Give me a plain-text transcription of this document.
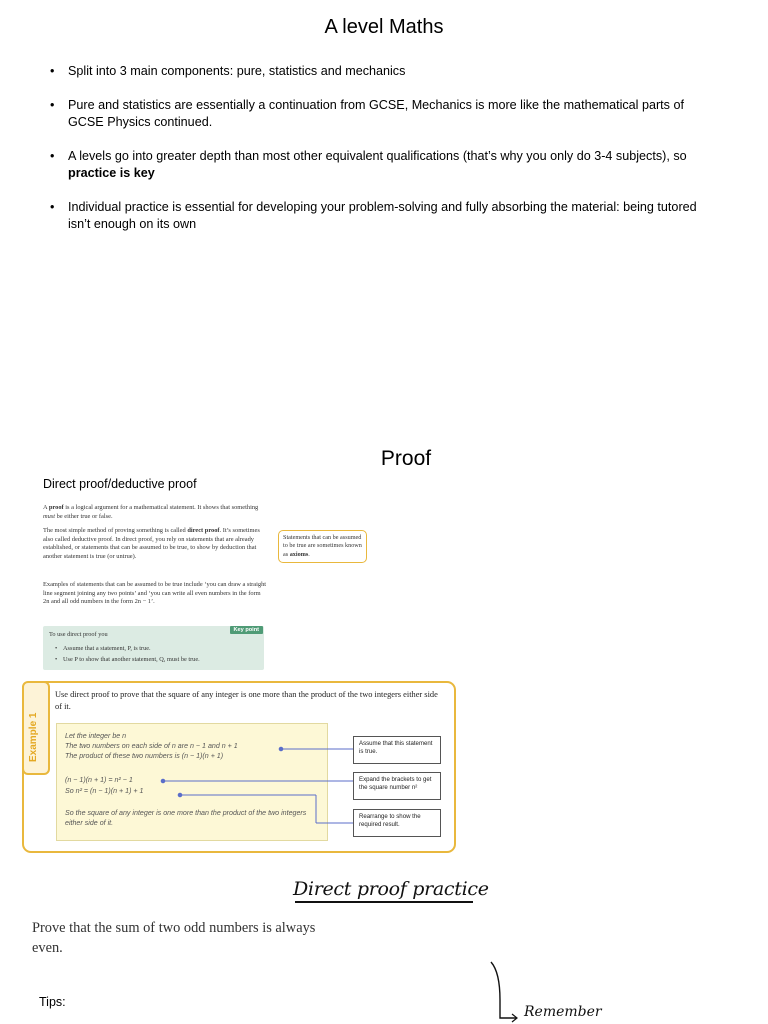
A level Maths
• Split into 3 main components: pure, statistics and mechanics
• Pure and statistics are essentially a continuation from GCSE, Mechanics is more like the mathematical parts of GCSE Physics continued.
• A levels go into greater depth than most other equivalent qualifications (that’s why you only do 3-4 subjects), so practice is key
• Individual practice is essential for developing your problem-solving and fully absorbing the material: being tutored isn’t enough on its own
Proof
Direct proof/deductive proof
A proof is a logical argument for a mathematical statement. It shows that something must be either true or false.
The most simple method of proving something is called direct proof. It’s sometimes also called deductive proof. In direct proof, you rely on statements that are already established, or statements that can be assumed to be true, to show by deduction that another statement is true (or untrue).
Examples of statements that can be assumed to be true include ‘you can draw a straight line segment joining any two points’ and ‘you can write all even numbers in the form 2n and all odd numbers in the form 2n − 1’.
Statements that can be assumed to be true are sometimes known as axioms.
Key point
To use direct proof you
• Assume that a statement, P, is true.
• Use P to show that another statement, Q, must be true.
Example 1
Use direct proof to prove that the square of any integer is one more than the product of the two integers either side of it.
Let the integer be n
The two numbers on each side of n are n − 1 and n + 1
The product of these two numbers is (n − 1)(n + 1)
(n − 1)(n + 1) = n² − 1
So n² = (n − 1)(n + 1) + 1
So the square of any integer is one more than the product of the two integers either side of it.
Assume that this statement is true.
Expand the brackets to get the square number n²
Rearrange to show the required result.
Direct proof practice
Prove that the sum of two odd numbers is always even.
Tips:
Remember
